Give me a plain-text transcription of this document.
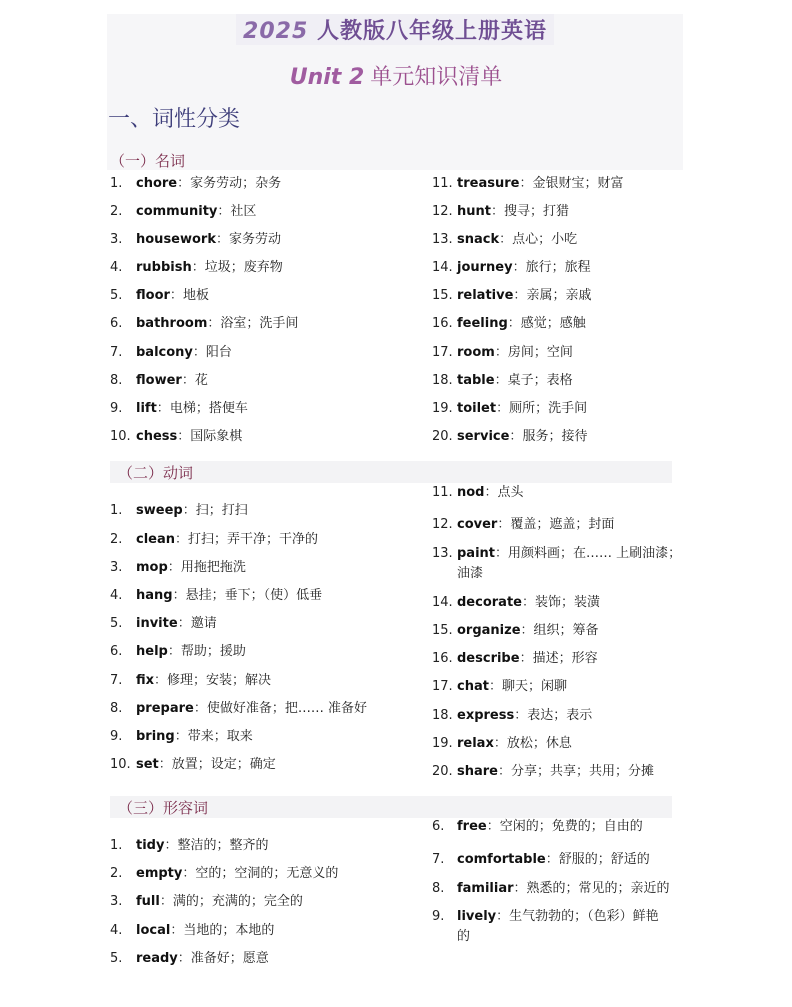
2025 人教版八年级上册英语
Unit 2 单元知识清单
一、词性分类
（一）名词
1. chore：家务劳动；杂务
2. community：社区
3. housework：家务劳动
4. rubbish：垃圾；废弃物
5. floor：地板
6. bathroom：浴室；洗手间
7. balcony：阳台
8. flower：花
9. lift：电梯；搭便车
10. chess：国际象棋
11. treasure：金银财宝；财富
12. hunt：搜寻；打猎
13. snack：点心；小吃
14. journey：旅行；旅程
15. relative：亲属；亲戚
16. feeling：感觉；感触
17. room：房间；空间
18. table：桌子；表格
19. toilet：厕所；洗手间
20. service：服务；接待
（二）动词
1. sweep：扫；打扫
2. clean：打扫；弄干净；干净的
3. mop：用拖把拖洗
4. hang：悬挂；垂下；（使）低垂
5. invite：邀请
6. help：帮助；援助
7. fix：修理；安装；解决
8. prepare：使做好准备；把…… 准备好
9. bring：带来；取来
10. set：放置；设定；确定
11. nod：点头
12. cover：覆盖；遮盖；封面
13. paint：用颜料画；在…… 上刷油漆；
油漆
14. decorate：装饰；装潢
15. organize：组织；筹备
16. describe：描述；形容
17. chat：聊天；闲聊
18. express：表达；表示
19. relax：放松；休息
20. share：分享；共享；共用；分摊
（三）形容词
1. tidy：整洁的；整齐的
2. empty：空的；空洞的；无意义的
3. full：满的；充满的；完全的
4. local：当地的；本地的
5. ready：准备好；愿意
6. free：空闲的；免费的；自由的
7. comfortable：舒服的；舒适的
8. familiar：熟悉的；常见的；亲近的
9. lively：生气勃勃的；（色彩）鲜艳
的
